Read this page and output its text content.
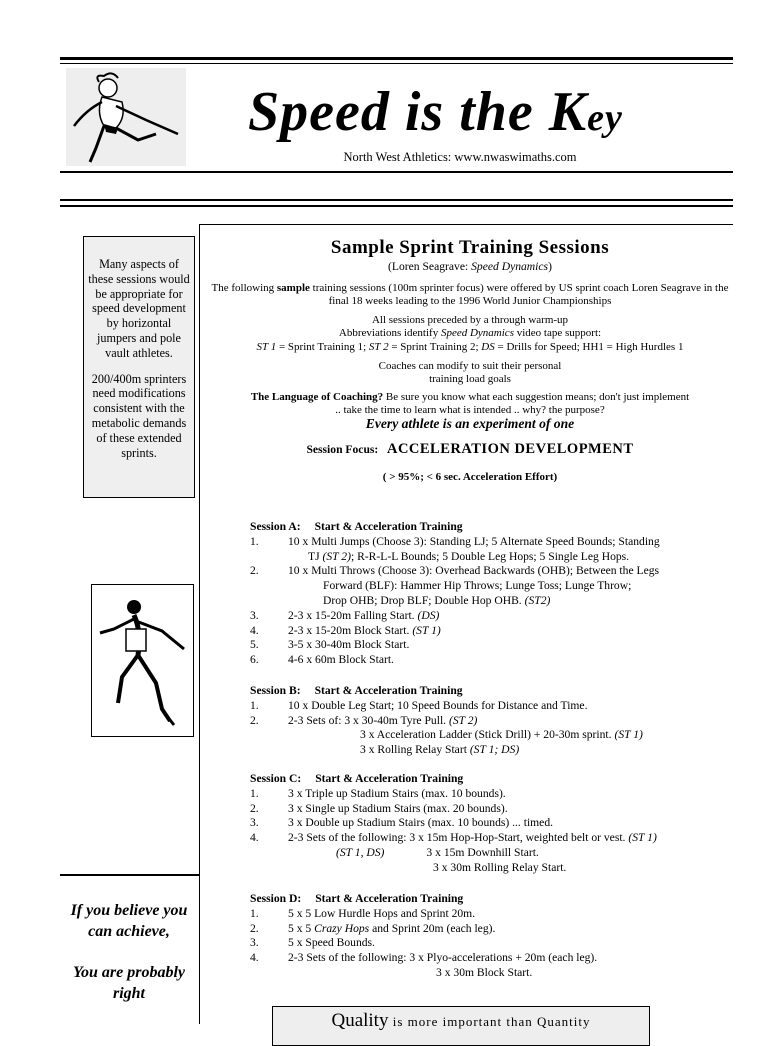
Speed is the Key
North West Athletics: www.nwaswimaths.com

Many aspects of these sessions would be appropriate for speed development by horizontal jumpers and pole vault athletes.

200/400m sprinters need modifications consistent with the metabolic demands of these extended sprints.

If you believe you can achieve,
You are probably right
Sample Sprint Training Sessions
(Loren Seagrave: Speed Dynamics)
The following sample training sessions (100m sprinter focus) were offered by US sprint coach Loren Seagrave in the final 18 weeks leading to the 1996 World Junior Championships
All sessions preceded by a through warm-up
Abbreviations identify Speed Dynamics video tape support:
ST 1 = Sprint Training 1; ST 2 = Sprint Training 2; DS = Drills for Speed; HH1 = High Hurdles 1
Coaches can modify to suit their personal
training load goals
The Language of Coaching? Be sure you know what each suggestion means; don't just implement .. take the time to learn what is intended .. why? the purpose?
Every athlete is an experiment of one
Session Focus: ACCELERATION DEVELOPMENT
( > 95%; < 6 sec. Acceleration Effort)
Session A: Start & Acceleration Training
1.	10 x Multi Jumps (Choose 3): Standing LJ; 5 Alternate Speed Bounds; Standing
TJ (ST 2); R-R-L-L Bounds; 5 Double Leg Hops; 5 Single Leg Hops.
2.	10 x Multi Throws (Choose 3): Overhead Backwards (OHB); Between the Legs
Forward (BLF): Hammer Hip Throws; Lunge Toss; Lunge Throw;
Drop OHB; Drop BLF; Double Hop OHB. (ST2)
3.	2-3 x 15-20m Falling Start. (DS)
4.	2-3 x 15-20m Block Start. (ST 1)
5.	3-5 x 30-40m Block Start.
6.	4-6 x 60m Block Start.
Session B: Start & Acceleration Training
1.	10 x Double Leg Start; 10 Speed Bounds for Distance and Time.
2.	2-3 Sets of: 3 x 30-40m Tyre Pull. (ST 2)
3 x Acceleration Ladder (Stick Drill) + 20-30m sprint. (ST 1)
3 x Rolling Relay Start (ST 1; DS)
Session C: Start & Acceleration Training
1.	3 x Triple up Stadium Stairs (max. 10 bounds).
2.	3 x Single up Stadium Stairs (max. 20 bounds).
3.	3 x Double up Stadium Stairs (max. 10 bounds) ... timed.
4.	2-3 Sets of the following: 3 x 15m Hop-Hop-Start, weighted belt or vest. (ST 1)
(ST 1, DS)	3 x 15m Downhill Start.
3 x 30m Rolling Relay Start.
Session D: Start & Acceleration Training
1.	5 x 5 Low Hurdle Hops and Sprint 20m.
2.	5 x 5 Crazy Hops and Sprint 20m (each leg).
3.	5 x Speed Bounds.
4.	2-3 Sets of the following: 3 x Plyo-accelerations + 20m (each leg).
3 x 30m Block Start.
Quality is more important than Quantity
